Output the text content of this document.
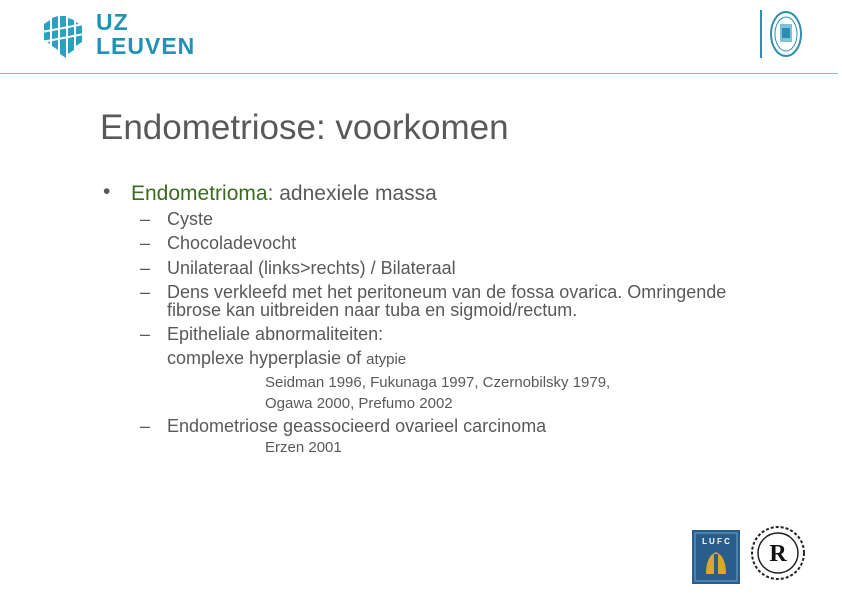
UZ
LEUVEN
Endometriose: voorkomen
• Endometrioma: adnexiele massa
– Cyste
– Chocoladevocht
– Unilateraal (links>rechts) / Bilateraal
– Dens verkleefd met het peritoneum van de fossa ovarica. Omringende
fibrose kan uitbreiden naar tuba en sigmoid/rectum.
– Epitheliale abnormaliteiten:
complexe hyperplasie of atypie
Seidman 1996, Fukunaga 1997, Czernobilsky 1979,
Ogawa 2000, Prefumo 2002
– Endometriose geassocieerd ovarieel carcinoma
Erzen 2001
L U F C R
